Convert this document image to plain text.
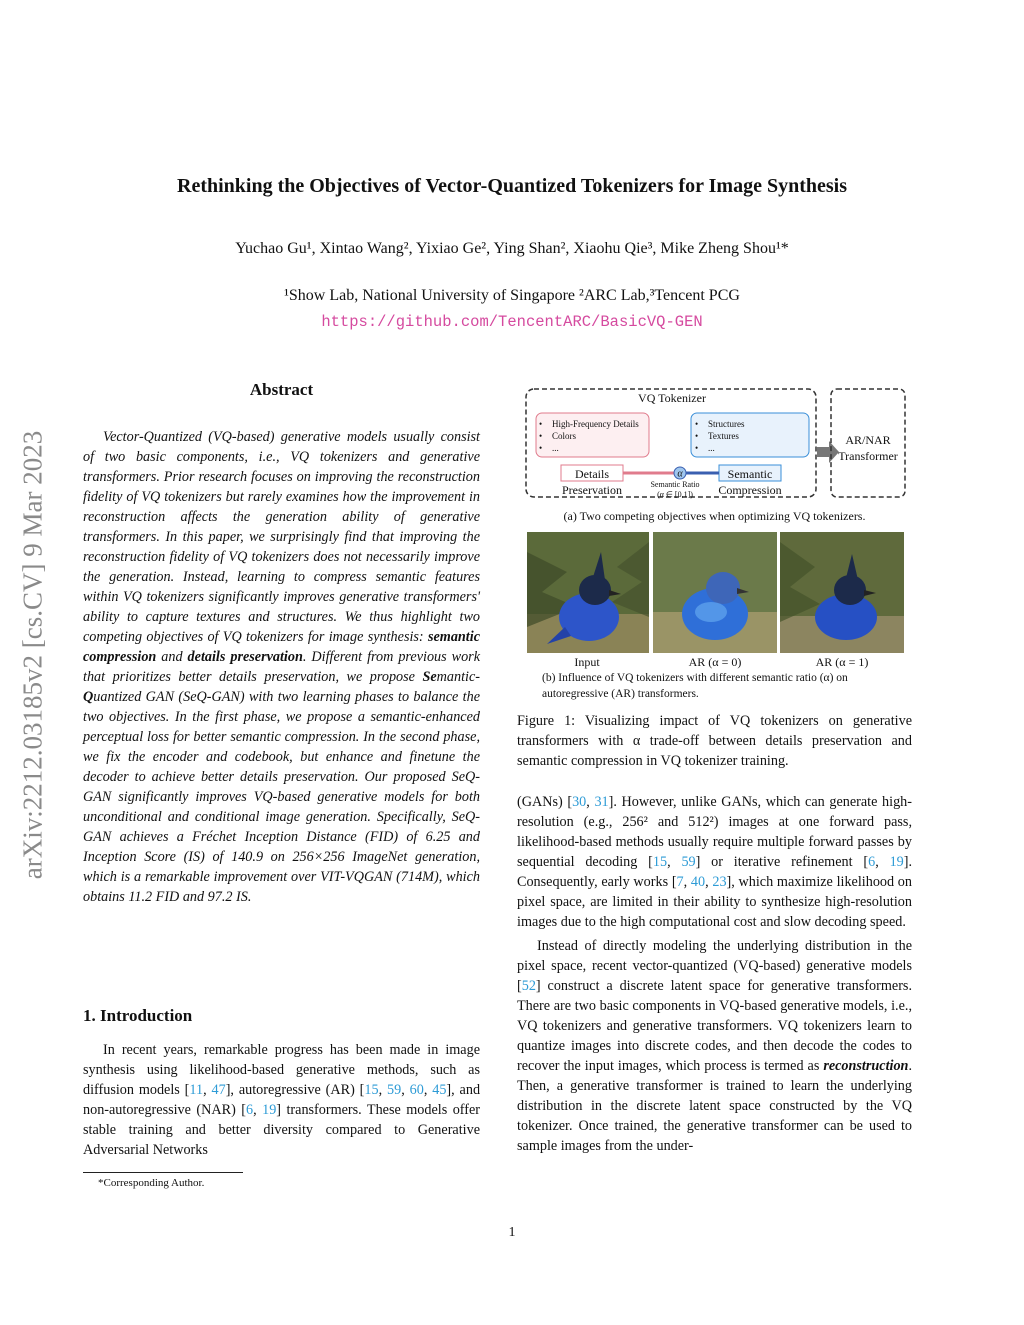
Rethinking the Objectives of Vector-Quantized Tokenizers for Image Synthesis
Yuchao Gu¹, Xintao Wang², Yixiao Ge², Ying Shan², Xiaohu Qie³, Mike Zheng Shou¹*
¹Show Lab, National University of Singapore ²ARC Lab,³Tencent PCG
https://github.com/TencentARC/BasicVQ-GEN
arXiv:2212.03185v2 [cs.CV] 9 Mar 2023
Abstract

Vector-Quantized (VQ-based) generative models usually consist of two basic components, i.e., VQ tokenizers and generative transformers. Prior research focuses on improving the reconstruction fidelity of VQ tokenizers but rarely examines how the improvement in reconstruction affects the generation ability of generative transformers. In this paper, we surprisingly find that improving the reconstruction fidelity of VQ tokenizers does not necessarily improve the generation. Instead, learning to compress semantic features within VQ tokenizers significantly improves generative transformers' ability to capture textures and structures. We thus highlight two competing objectives of VQ tokenizers for image synthesis: semantic compression and details preservation. Different from previous work that prioritizes better details preservation, we propose Semantic-Quantized GAN (SeQ-GAN) with two learning phases to balance the two objectives. In the first phase, we propose a semantic-enhanced perceptual loss for better semantic compression. In the second phase, we fix the encoder and codebook, but enhance and finetune the decoder to achieve better details preservation. Our proposed SeQ-GAN significantly improves VQ-based generative models for both unconditional and conditional image generation. Specifically, SeQ-GAN achieves a Fréchet Inception Distance (FID) of 6.25 and Inception Score (IS) of 140.9 on 256×256 ImageNet generation, which is a remarkable improvement over VIT-VQGAN (714M), which obtains 11.2 FID and 97.2 IS.

1. Introduction

In recent years, remarkable progress has been made in image synthesis using likelihood-based generative methods, such as diffusion models [11, 47], autoregressive (AR) [15, 59, 60, 45], and non-autoregressive (NAR) [6, 19] transformers. These models offer stable training and better diversity compared to Generative Adversarial Networks

*Corresponding Author.
α
VQ Tokenizer
• High-Frequency Details
• Colors
• ...
• Structures
• Textures
• ...
Details
Preservation
Semantic
Compression
AR/NAR
Transformer
Semantic Ratio
(α ∈ [0,1])
(a) Two competing objectives when optimizing VQ tokenizers.
Input	AR (α = 0)	AR (α = 1)
(b) Influence of VQ tokenizers with different semantic ratio (α) on autoregressive (AR) transformers.
Figure 1: Visualizing impact of VQ tokenizers on generative transformers with α trade-off between details preservation and semantic compression in VQ tokenizer training.

(GANs) [30, 31]. However, unlike GANs, which can generate high-resolution (e.g., 256² and 512²) images at one forward pass, likelihood-based methods usually require multiple forward passes by sequential decoding [15, 59] or iterative refinement [6, 19]. Consequently, early works [7, 40, 23], which maximize likelihood on pixel space, are limited in their ability to synthesize high-resolution images due to the high computational cost and slow decoding speed.

Instead of directly modeling the underlying distribution in the pixel space, recent vector-quantized (VQ-based) generative models [52] construct a discrete latent space for generative transformers. There are two basic components in VQ-based generative models, i.e., VQ tokenizers and generative transformers. VQ tokenizers learn to quantize images into discrete codes, and then decode the codes to recover the input images, which process is termed as reconstruction. Then, a generative transformer is trained to learn the underlying distribution in the discrete latent space constructed by the VQ tokenizer. Once trained, the generative transformer can be used to sample images from the under-

1
